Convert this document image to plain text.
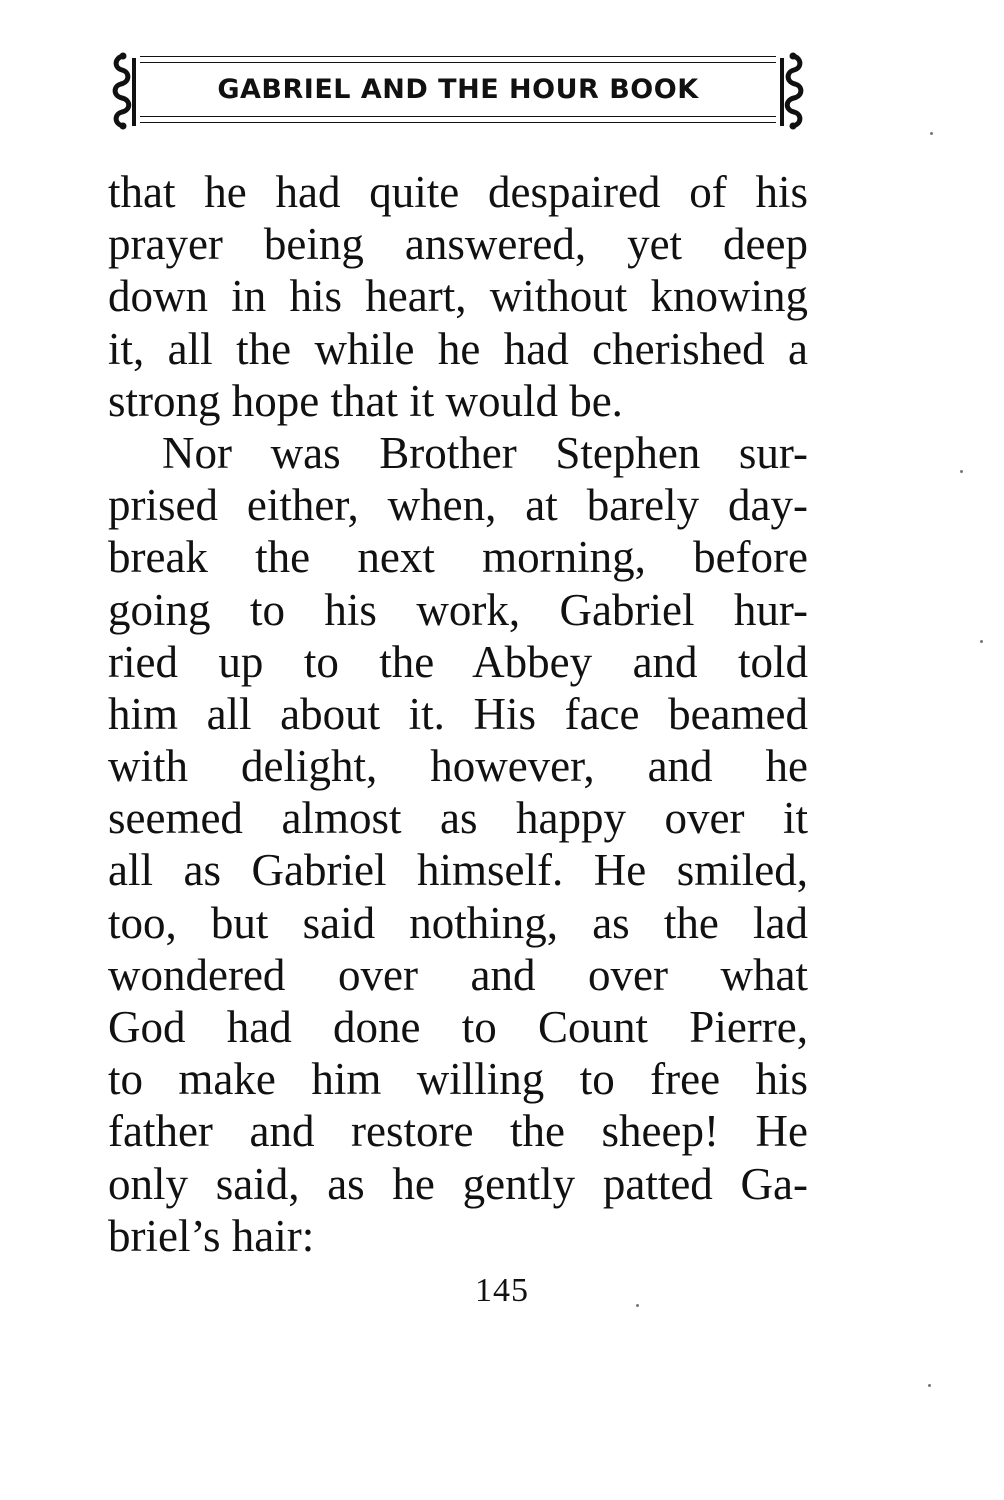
GABRIEL AND THE HOUR BOOK
that he had quite despaired of his
prayer being answered, yet deep
down in his heart, without knowing
it, all the while he had cherished a
strong hope that it would be.
Nor was Brother Stephen sur-
prised either, when, at barely day-
break the next morning, before
going to his work, Gabriel hur-
ried up to the Abbey and told
him all about it. His face beamed
with delight, however, and he
seemed almost as happy over it
all as Gabriel himself. He smiled,
too, but said nothing, as the lad
wondered over and over what
God had done to Count Pierre,
to make him willing to free his
father and restore the sheep! He
only said, as he gently patted Ga-
briel’s hair:
145
